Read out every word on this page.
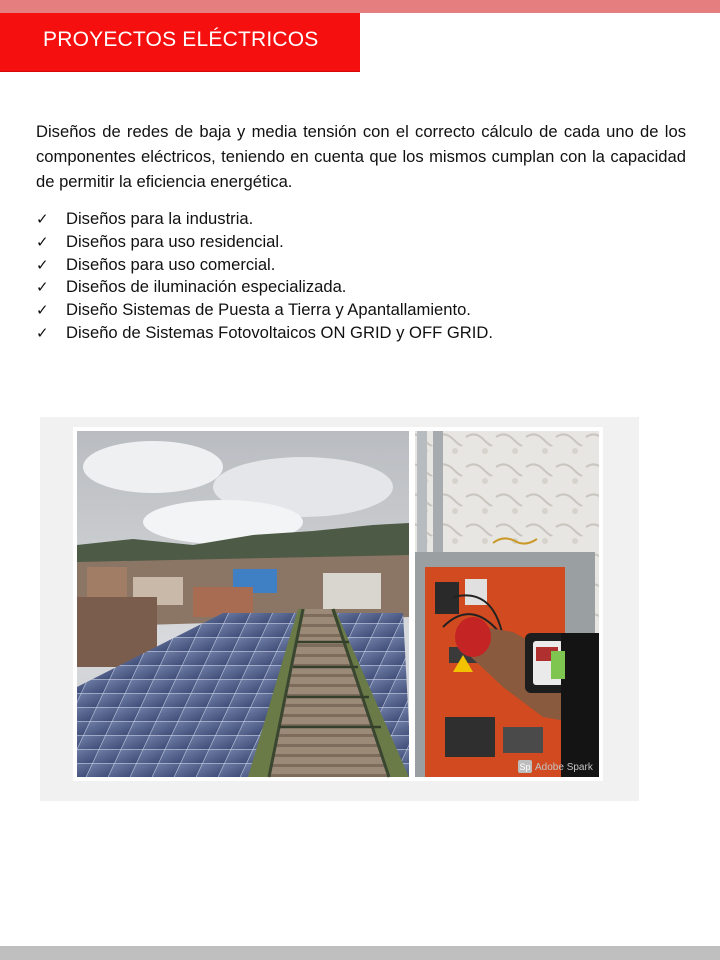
PROYECTOS ELÉCTRICOS

Diseños de redes de baja y media tensión con el correcto cálculo de cada uno de los componentes eléctricos, teniendo en cuenta que los mismos cumplan con la capacidad de permitir la eficiencia energética.

✓ Diseños para la industria.
✓ Diseños para uso residencial.
✓ Diseños para uso comercial.
✓ Diseños de iluminación especializada.
✓ Diseño Sistemas de Puesta a Tierra y Apantallamiento.
✓ Diseño de Sistemas Fotovoltaicos ON GRID y OFF GRID.
Sp Adobe Spark
